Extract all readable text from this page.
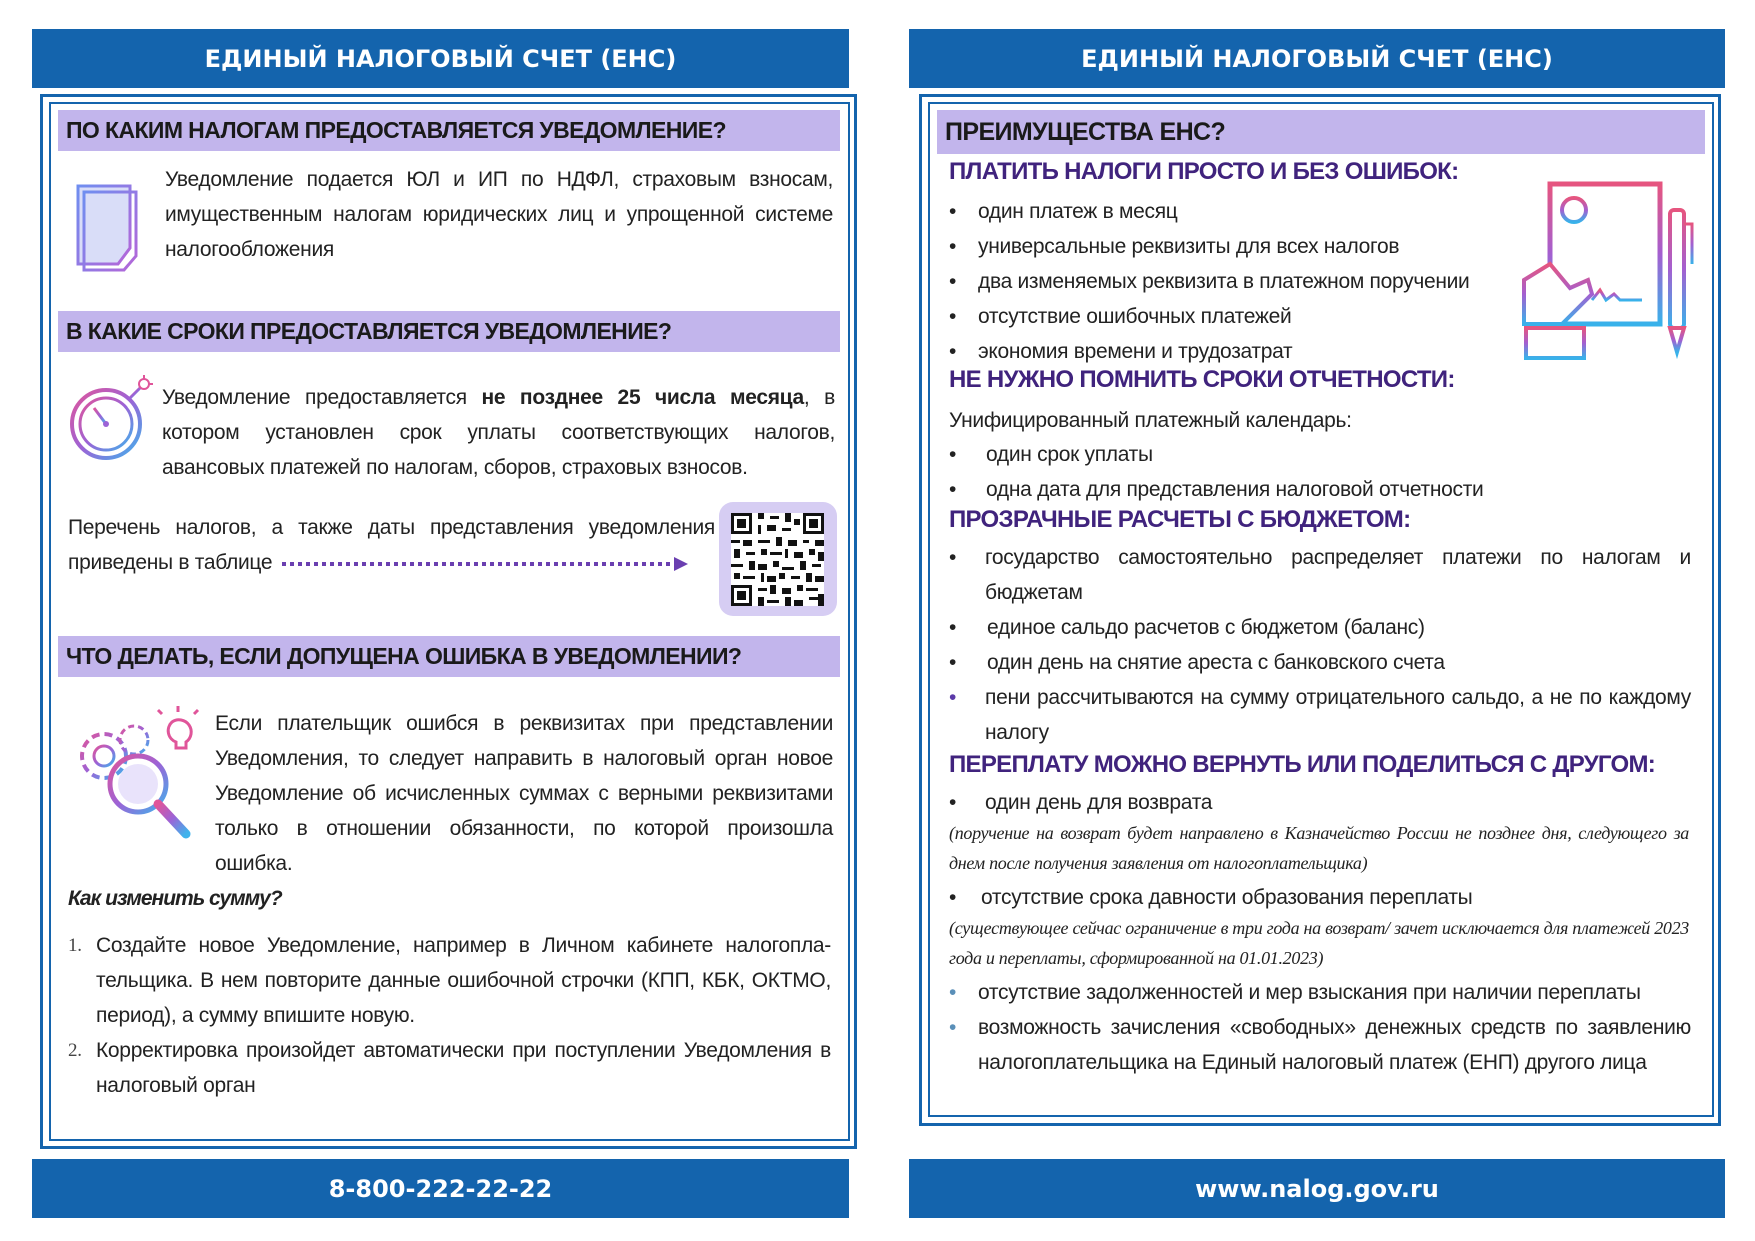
ЕДИНЫЙ НАЛОГОВЫЙ СЧЕТ (ЕНС)
ПО КАКИМ НАЛОГАМ ПРЕДОСТАВЛЯЕТСЯ УВЕДОМЛЕНИЕ?
Уведомление подается ЮЛ и ИП по НДФЛ, страховым взносам, имущественным налогам юридических лиц и упрощенной системе налогообложения
В КАКИЕ СРОКИ ПРЕДОСТАВЛЯЕТСЯ УВЕДОМЛЕНИЕ?
Уведомление предоставляется не позднее 25 числа месяца, в котором установлен срок уплаты соответствующих налогов, авансовых платежей по налогам, сборов, страховых взносов.
Перечень налогов, а также даты представления уведомления приведены в таблице
ЧТО ДЕЛАТЬ, ЕСЛИ ДОПУЩЕНА ОШИБКА В УВЕДОМЛЕНИИ?
Если плательщик ошибся в реквизитах при представлении Уведомления, то следует направить в налоговый орган новое Уведомление об исчисленных суммах с верными реквизитами только в отношении обязанности, по которой произошла ошибка.
Как изменить сумму?
1. Создайте новое Уведомление, например в Личном кабинете налогопла-тельщика. В нем повторите данные ошибочной строчки (КПП, КБК, ОКТМО, период), а сумму впишите новую.
2. Корректировка произойдет автоматически при поступлении Уведомления в налоговый орган
8-800-222-22-22
ЕДИНЫЙ НАЛОГОВЫЙ СЧЕТ (ЕНС)
ПРЕИМУЩЕСТВА ЕНС?
ПЛАТИТЬ НАЛОГИ ПРОСТО И БЕЗ ОШИБОК:
•	один платеж в месяц
•	универсальные реквизиты для всех налогов
•	два изменяемых реквизита в платежном поручении
•	отсутствие ошибочных платежей
•	экономия времени и трудозатрат
НЕ НУЖНО ПОМНИТЬ СРОКИ ОТЧЕТНОСТИ:
Унифицированный платежный календарь:
•	один срок уплаты
•	одна дата для представления налоговой отчетности
ПРОЗРАЧНЫЕ РАСЧЕТЫ С БЮДЖЕТОМ:
•	государство самостоятельно распределяет платежи по налогам и бюджетам
•	единое сальдо расчетов с бюджетом (баланс)
•	один день на снятие ареста с банковского счета
•	пени рассчитываются на сумму отрицательного сальдо, а не по каждому налогу
ПЕРЕПЛАТУ МОЖНО ВЕРНУТЬ ИЛИ ПОДЕЛИТЬСЯ С ДРУГОМ:
•	один день для возврата
(поручение на возврат будет направлено в Казначейство России не позднее дня, следующего за днем после получения заявления от налогоплательщика)
•	отсутствие срока давности образования переплаты
(существующее сейчас ограничение в три года на возврат/ зачет исключается для платежей 2023 года и переплаты, сформированной на 01.01.2023)
•	отсутствие задолженностей и мер взыскания при наличии переплаты
•	возможность зачисления «свободных» денежных средств по заявлению налогоплательщика на Единый налоговый платеж (ЕНП) другого лица
www.nalog.gov.ru
